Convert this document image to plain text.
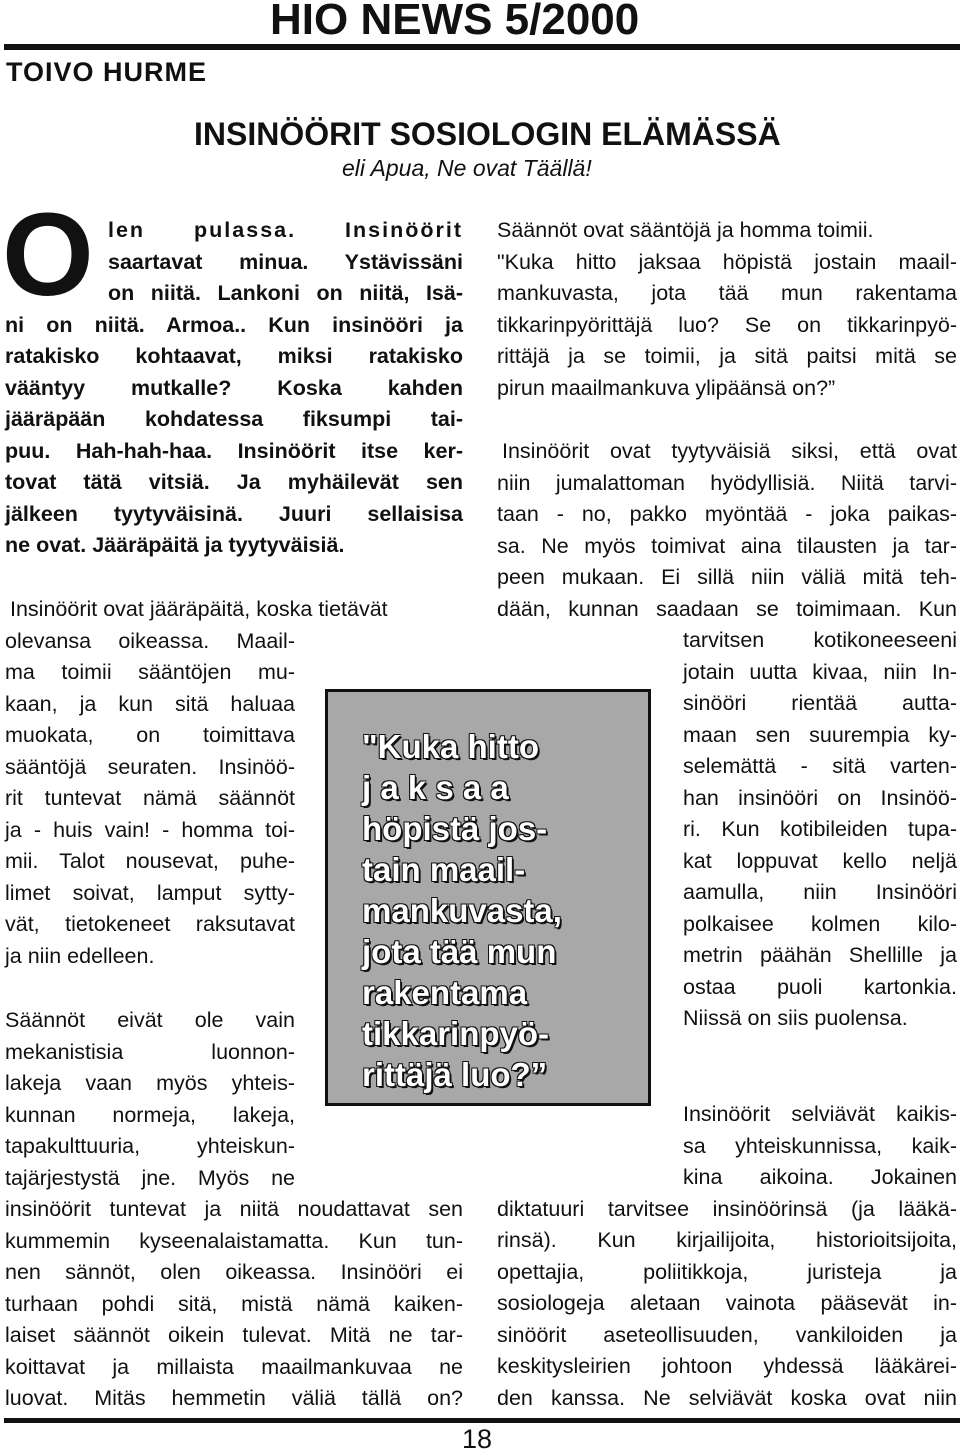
HIO NEWS 5/2000
TOIVO HURME
INSINÖÖRIT SOSIOLOGIN ELÄMÄSSÄ
eli Apua, Ne ovat Täällä!
O len pulassa. Insinöörit
saartavat minua. Ystävissäni
on niitä. Lankoni on niitä, Isä-
ni on niitä. Armoa.. Kun insinööri ja
ratakisko kohtaavat, miksi ratakisko
vääntyy mutkalle? Koska kahden
jääräpään kohdatessa fiksumpi tai-
puu. Hah-hah-haa. Insinöörit itse ker-
tovat tätä vitsiä. Ja myhäilevät sen
jälkeen tyytyväisinä. Juuri sellaisisa
ne ovat. Jääräpäitä ja tyytyväisiä.
Insinöörit ovat jääräpäitä, koska tietävät
olevansa oikeassa. Maail-
ma toimii sääntöjen mu-
kaan, ja kun sitä haluaa
muokata, on toimittava
sääntöjä seuraten. Insinöö-
rit tuntevat nämä säännöt
ja - huis vain! - homma toi-
mii. Talot nousevat, puhe-
limet soivat, lamput sytty-
vät, tietokeneet raksutavat
ja niin edelleen.
Säännöt eivät ole vain
mekanistisia luonnon-
lakeja vaan myös yhteis-
kunnan normeja, lakeja,
tapakulttuuria, yhteiskun-
tajärjestystä jne. Myös ne
insinöörit tuntevat ja niitä noudattavat sen
kummemin kyseenalaistamatta. Kun tun-
nen sännöt, olen oikeassa. Insinööri ei
turhaan pohdi sitä, mistä nämä kaiken-
laiset säännöt oikein tulevat. Mitä ne tar-
koittavat ja millaista maailmankuvaa ne
luovat. Mitäs hemmetin väliä tällä on?
Säännöt ovat sääntöjä ja homma toimii.
"Kuka hitto jaksaa höpistä jostain maail-
mankuvasta, jota tää mun rakentama
tikkarinpyörittäjä luo? Se on tikkarinpyö-
rittäjä ja se toimii, ja sitä paitsi mitä se
pirun maailmankuva ylipäänsä on?”
Insinöörit ovat tyytyväisiä siksi, että ovat
niin jumalattoman hyödyllisiä. Niitä tarvi-
taan - no, pakko myöntää - joka paikas-
sa. Ne myös toimivat aina tilausten ja tar-
peen mukaan. Ei sillä niin väliä mitä teh-
dään, kunnan saadaan se toimimaan. Kun
tarvitsen kotikoneeseeni
jotain uutta kivaa, niin In-
sinööri rientää autta-
maan sen suurempia ky-
selemättä - sitä varten-
han insinööri on Insinöö-
ri. Kun kotibileiden tupa-
kat loppuvat kello neljä
aamulla, niin Insinööri
polkaisee kolmen kilo-
metrin päähän Shellille ja
ostaa puoli kartonkia.
Niissä on siis puolensa.
Insinöörit selviävät kaikis-
sa yhteiskunnissa, kaik-
kina aikoina. Jokainen
diktatuuri tarvitsee insinöörinsä (ja lääkä-
rinsä). Kun kirjailijoita, historioitsijoita,
opettajia, poliitikkoja, juristeja ja
sosiologeja aletaan vainota pääsevät in-
sinöörit aseteollisuuden, vankiloiden ja
keskitysleirien johtoon yhdessä lääkärei-
den kanssa. Ne selviävät koska ovat niin
"Kuka hitto
j a k s a a
höpistä jos-
tain maail-
mankuvasta,
jota tää mun
rakentama
tikkarinpyö-
rittäjä luo?”
18
